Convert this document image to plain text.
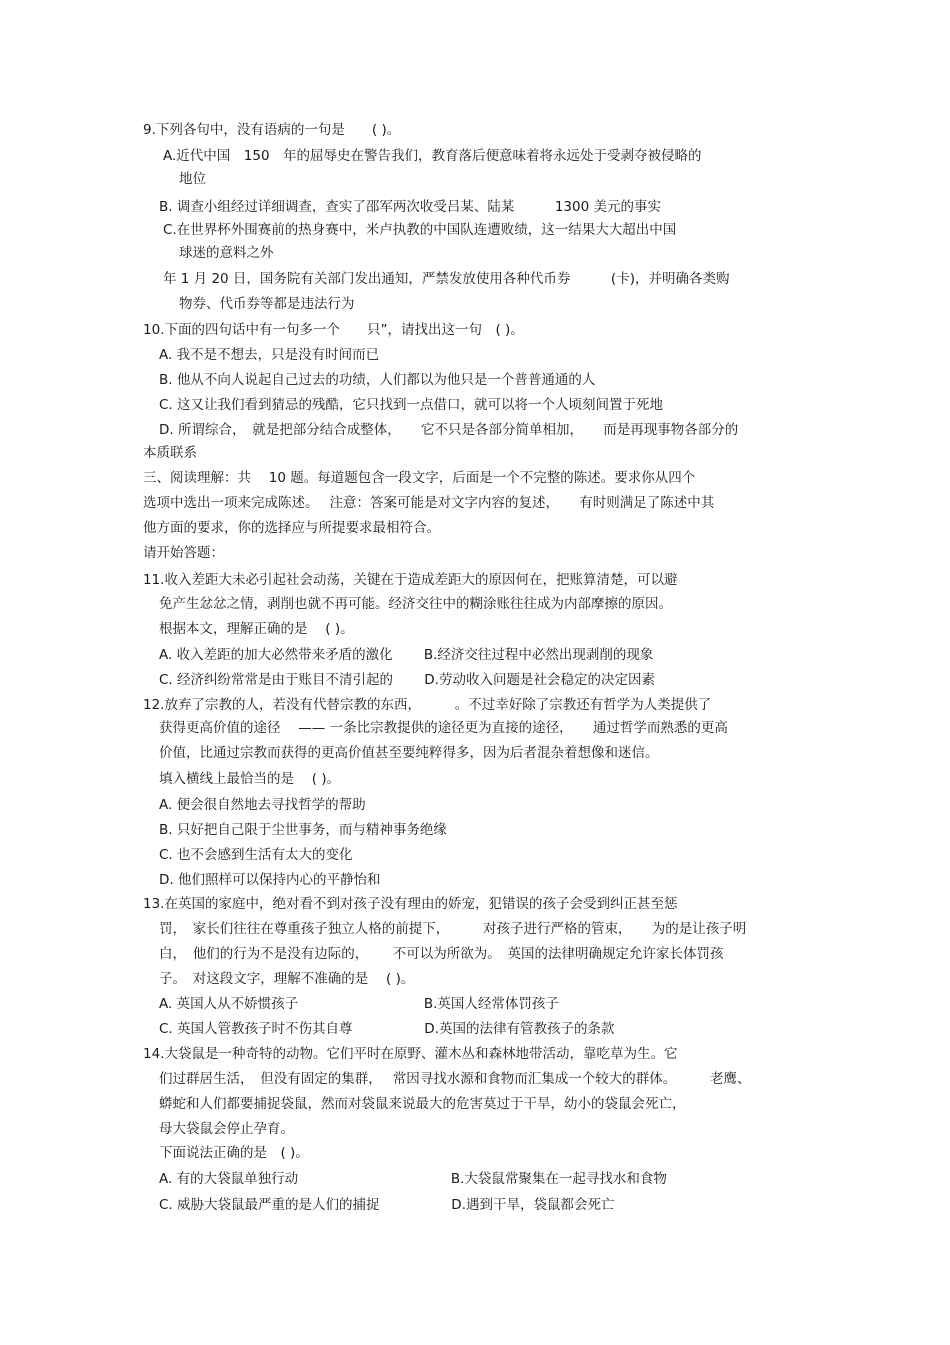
9.下列各句中，没有语病的一句是　　( )。
A.近代中国　150　年的屈辱史在警告我们，教育落后便意味着将永远处于受剥夺被侵略的
地位
B. 调查小组经过详细调查，查实了邵军两次收受吕某、陆某　　　1300 美元的事实
C.在世界杯外围赛前的热身赛中，米卢执教的中国队连遭败绩，这一结果大大超出中国
球迷的意料之外
年 1 月 20 日，国务院有关部门发出通知，严禁发放使用各种代币券　　　(卡)，并明确各类购
物券、代币券等都是违法行为
10.下面的四句话中有一句多一个　　只”，请找出这一句　( )。
A. 我不是不想去，只是没有时间而已
B. 他从不向人说起自己过去的功绩，人们都以为他只是一个普普通通的人
C. 这又让我们看到猜忌的残酷，它只找到一点借口，就可以将一个人顷刻间置于死地
D. 所谓综合，　就是把部分结合成整体，　　它不只是各部分简单相加，　　而是再现事物各部分的
本质联系
三、阅读理解：共　 10 题。每道题包含一段文字，后面是一个不完整的陈述。要求你从四个
选项中选出一项来完成陈述。　 注意：答案可能是对文字内容的复述，　　有时则满足了陈述中其
他方面的要求，你的选择应与所提要求最相符合。
请开始答题：
11.收入差距大未必引起社会动荡，关键在于造成差距大的原因何在，把账算清楚，可以避
免产生忿忿之情，剥削也就不再可能。经济交往中的糊涂账往往成为内部摩擦的原因。
根据本文，理解正确的是　 ( )。
A. 收入差距的加大必然带来矛盾的激化　　 B.经济交往过程中必然出现剥削的现象
C. 经济纠纷常常是由于账目不清引起的　　 D.劳动收入问题是社会稳定的决定因素
12.放弃了宗教的人，若没有代替宗教的东西，　　　。不过幸好除了宗教还有哲学为人类提供了
获得更高价值的途径　 —— 一条比宗教提供的途径更为直接的途径，　　通过哲学而熟悉的更高
价值，比通过宗教而获得的更高价值甚至要纯粹得多，因为后者混杂着想像和迷信。
填入横线上最恰当的是　 ( )。
A. 便会很自然地去寻找哲学的帮助
B. 只好把自己限于尘世事务，而与精神事务绝缘
C. 也不会感到生活有太大的变化
D. 他们照样可以保持内心的平静怡和
13.在英国的家庭中，绝对看不到对孩子没有理由的娇宠，犯错误的孩子会受到纠正甚至惩
罚，　家长们往往在尊重孩子独立人格的前提下，　　　对孩子进行严格的管束，　　为的是让孩子明
白，　他们的行为不是没有边际的，　　 不可以为所欲为。　英国的法律明确规定允许家长体罚孩
子。　对这段文字，理解不准确的是　 ( )。
A. 英国人从不娇惯孩子　　　　　　　　　 B.英国人经常体罚孩子
C. 英国人管教孩子时不伤其自尊　　　　　 D.英国的法律有管教孩子的条款
14.大袋鼠是一种奇特的动物。它们平时在原野、灌木丛和森林地带活动，靠吃草为生。它
们过群居生活，　但没有固定的集群，　 常因寻找水源和食物而汇集成一个较大的群体。　　　老鹰、
蟒蛇和人们都要捕捉袋鼠，然而对袋鼠来说最大的危害莫过于干旱，幼小的袋鼠会死亡，
母大袋鼠会停止孕育。
下面说法正确的是　( )。
A. 有的大袋鼠单独行动　　　　　　　　　　　 B.大袋鼠常聚集在一起寻找水和食物
C. 威胁大袋鼠最严重的是人们的捕捉　　　　　 D.遇到干旱，袋鼠都会死亡
